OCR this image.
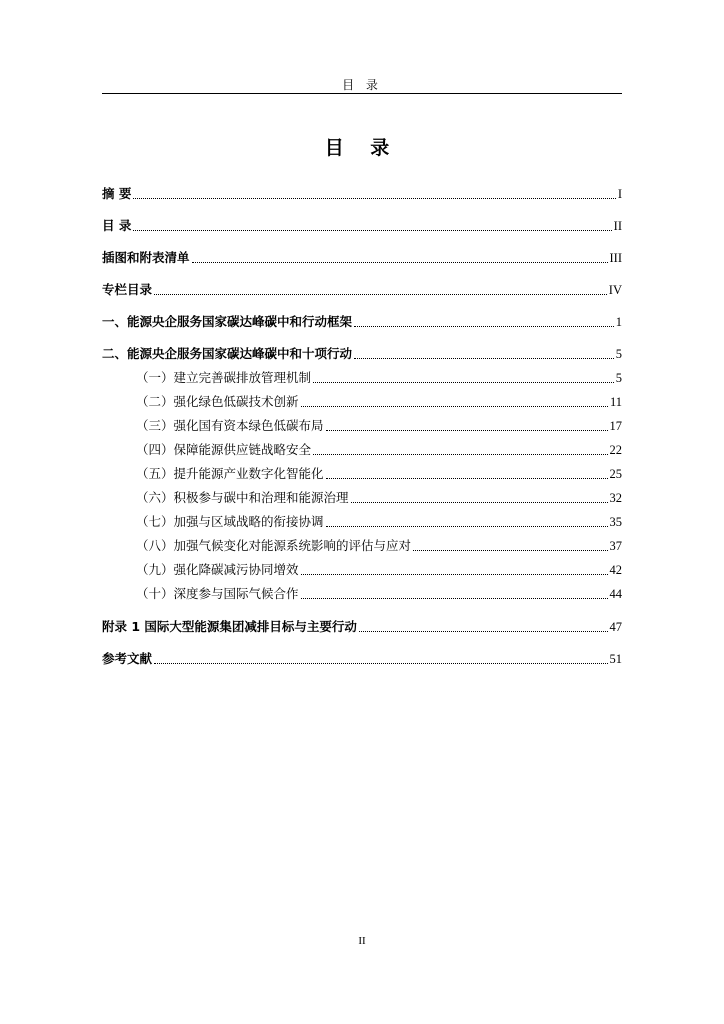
目 录
目 录
摘 要	I
目 录	II
插图和附表清单	III
专栏目录	IV
一、能源央企服务国家碳达峰碳中和行动框架	1
二、能源央企服务国家碳达峰碳中和十项行动	5
（一）建立完善碳排放管理机制	5
（二）强化绿色低碳技术创新	11
（三）强化国有资本绿色低碳布局	17
（四）保障能源供应链战略安全	22
（五）提升能源产业数字化智能化	25
（六）积极参与碳中和治理和能源治理	32
（七）加强与区域战略的衔接协调	35
（八）加强气候变化对能源系统影响的评估与应对	37
（九）强化降碳减污协同增效	42
（十）深度参与国际气候合作	44
附录 1 国际大型能源集团减排目标与主要行动	47
参考文献	51
II
